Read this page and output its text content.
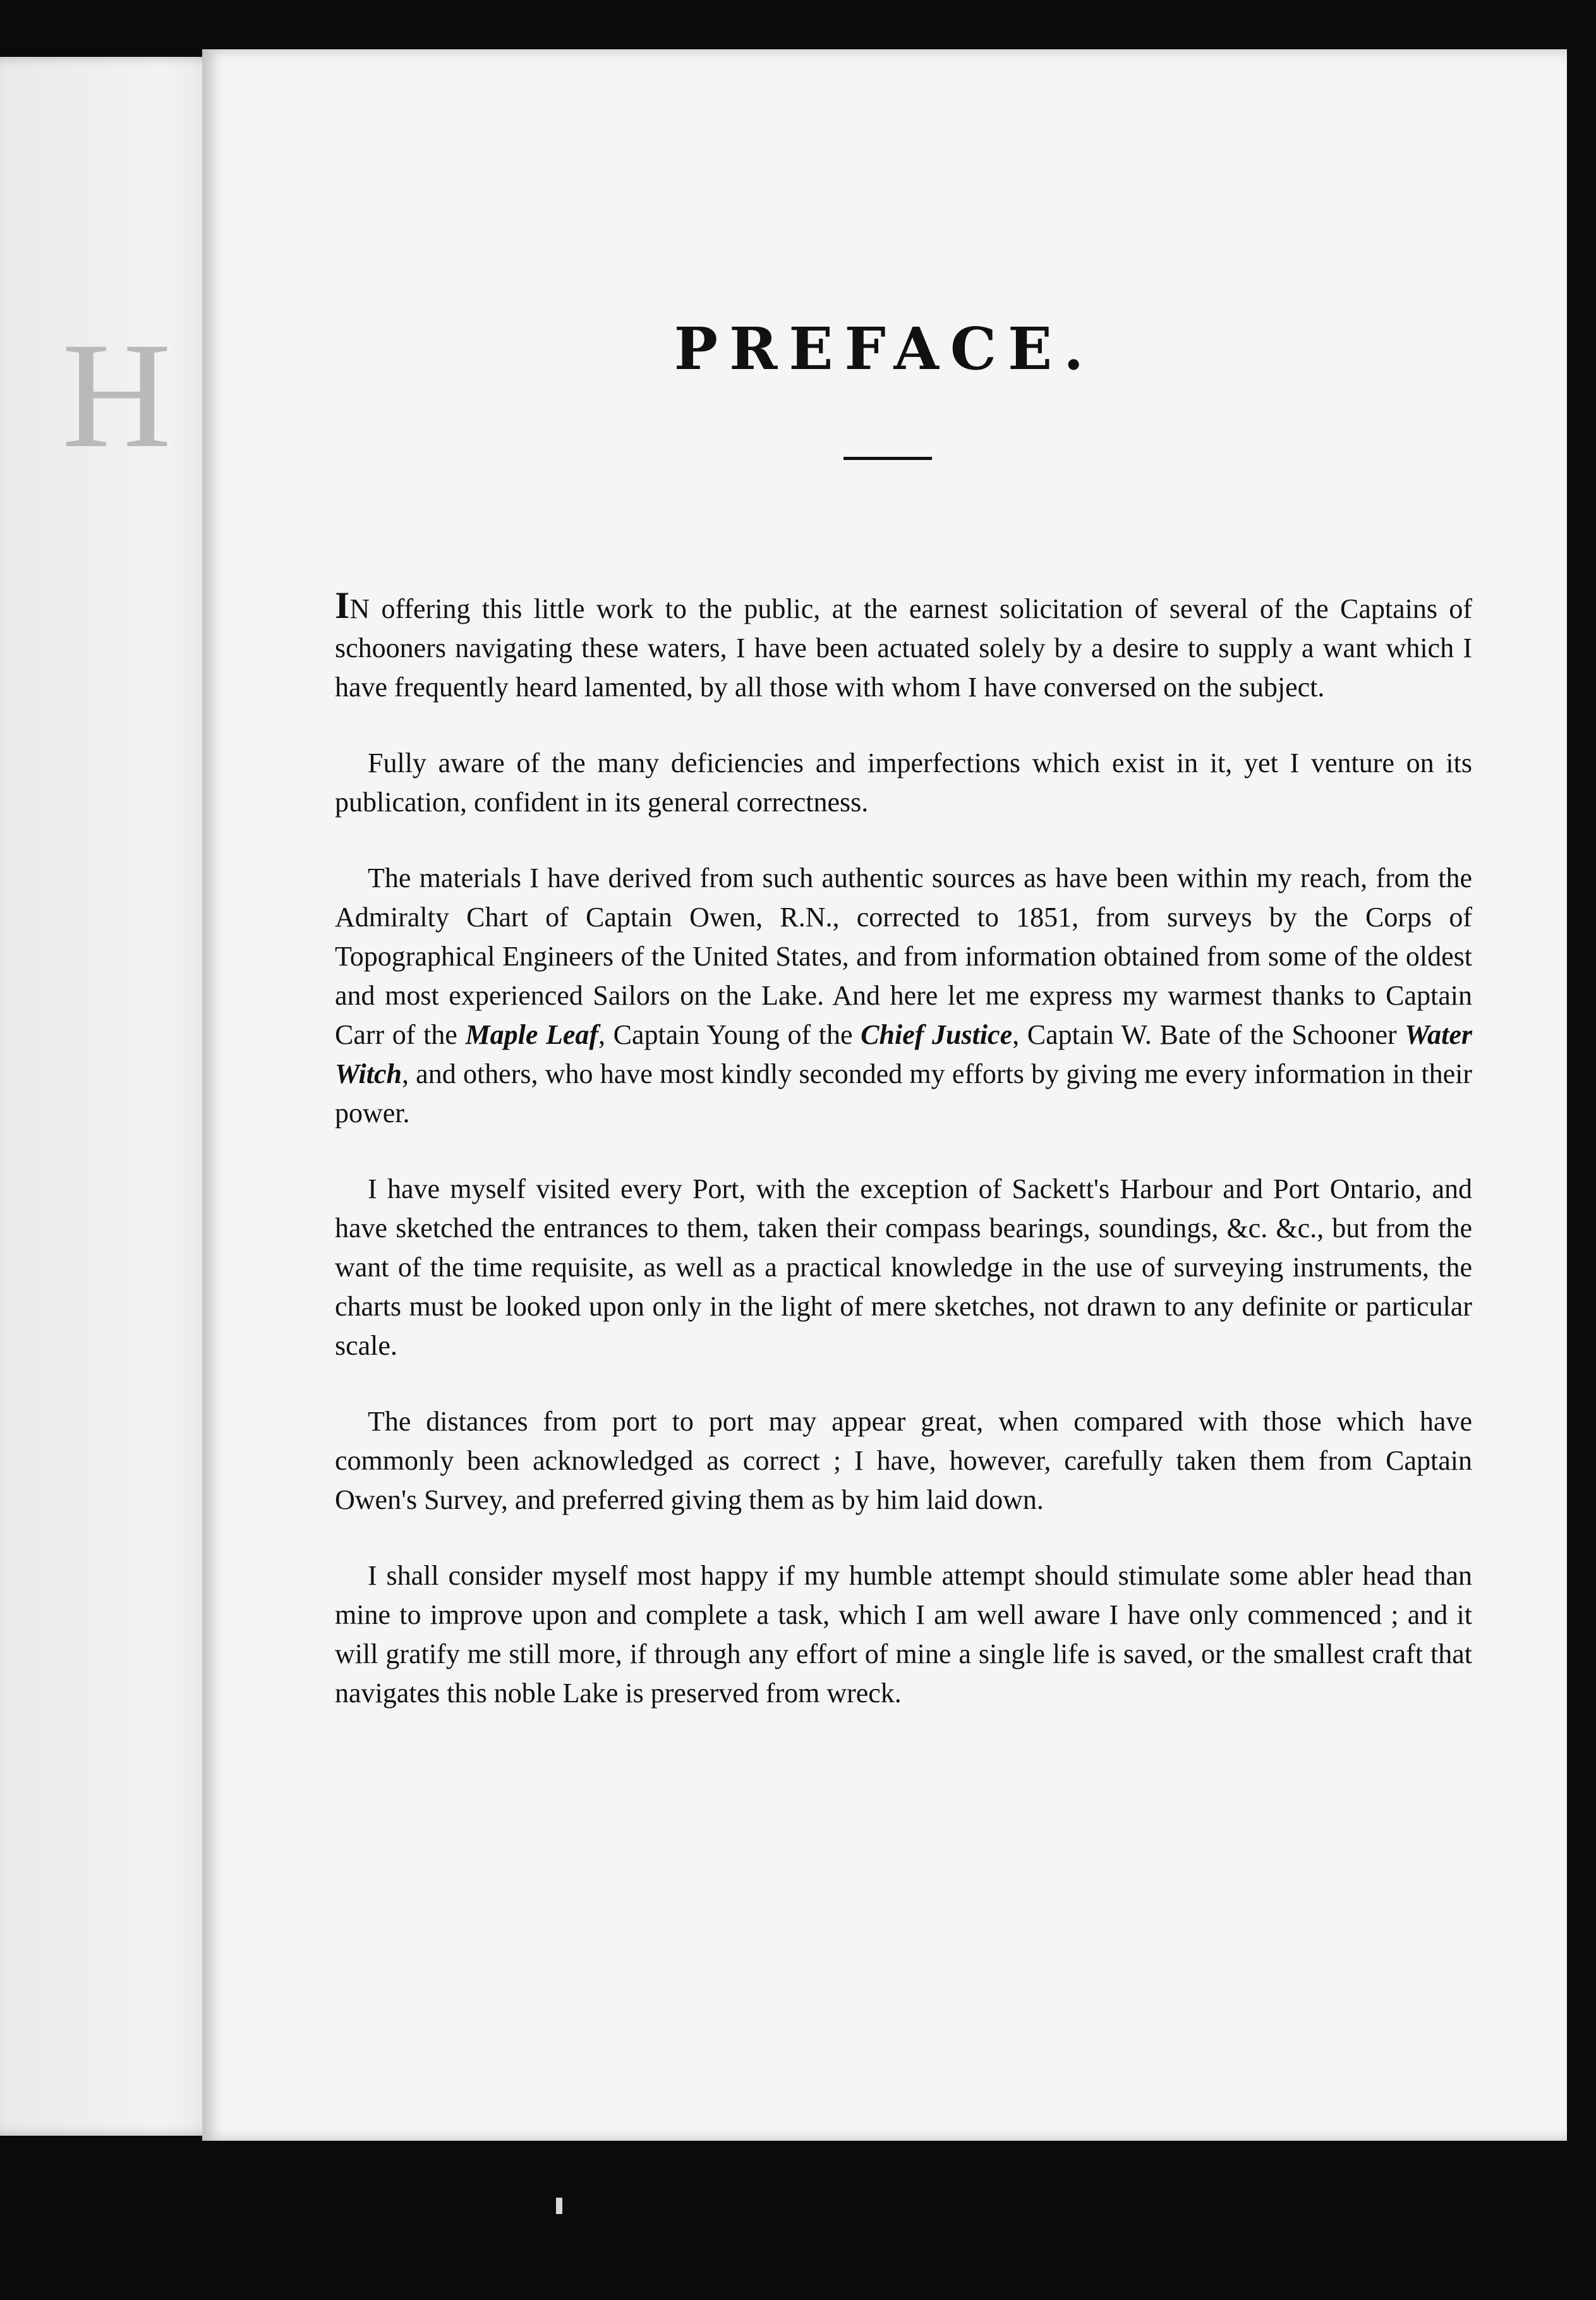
H	PREFACE.

IN offering this little work to the public, at the earnest solicitation of several of the Captains of schooners navigating these waters, I have been actuated solely by a desire to supply a want which I have frequently heard lamented, by all those with whom I have conversed on the subject.

Fully aware of the many deficiencies and imperfections which exist in it, yet I venture on its publication, confident in its general correctness.

The materials I have derived from such authentic sources as have been within my reach, from the Admiralty Chart of Captain Owen, R.N., corrected to 1851, from surveys by the Corps of Topographical Engineers of the United States, and from information obtained from some of the oldest and most experienced Sailors on the Lake. And here let me express my warmest thanks to Captain Carr of the Maple Leaf, Captain Young of the Chief Justice, Captain W. Bate of the Schooner Water Witch, and others, who have most kindly seconded my efforts by giving me every information in their power.

I have myself visited every Port, with the exception of Sackett's Harbour and Port Ontario, and have sketched the entrances to them, taken their compass bearings, soundings, &c. &c., but from the want of the time requisite, as well as a practical knowledge in the use of surveying instruments, the charts must be looked upon only in the light of mere sketches, not drawn to any definite or particular scale.

The distances from port to port may appear great, when compared with those which have commonly been acknowledged as correct ; I have, however, carefully taken them from Captain Owen's Survey, and preferred giving them as by him laid down.

I shall consider myself most happy if my humble attempt should stimulate some abler head than mine to improve upon and complete a task, which I am well aware I have only commenced ; and it will gratify me still more, if through any effort of mine a single life is saved, or the smallest craft that navigates this noble Lake is preserved from wreck.
